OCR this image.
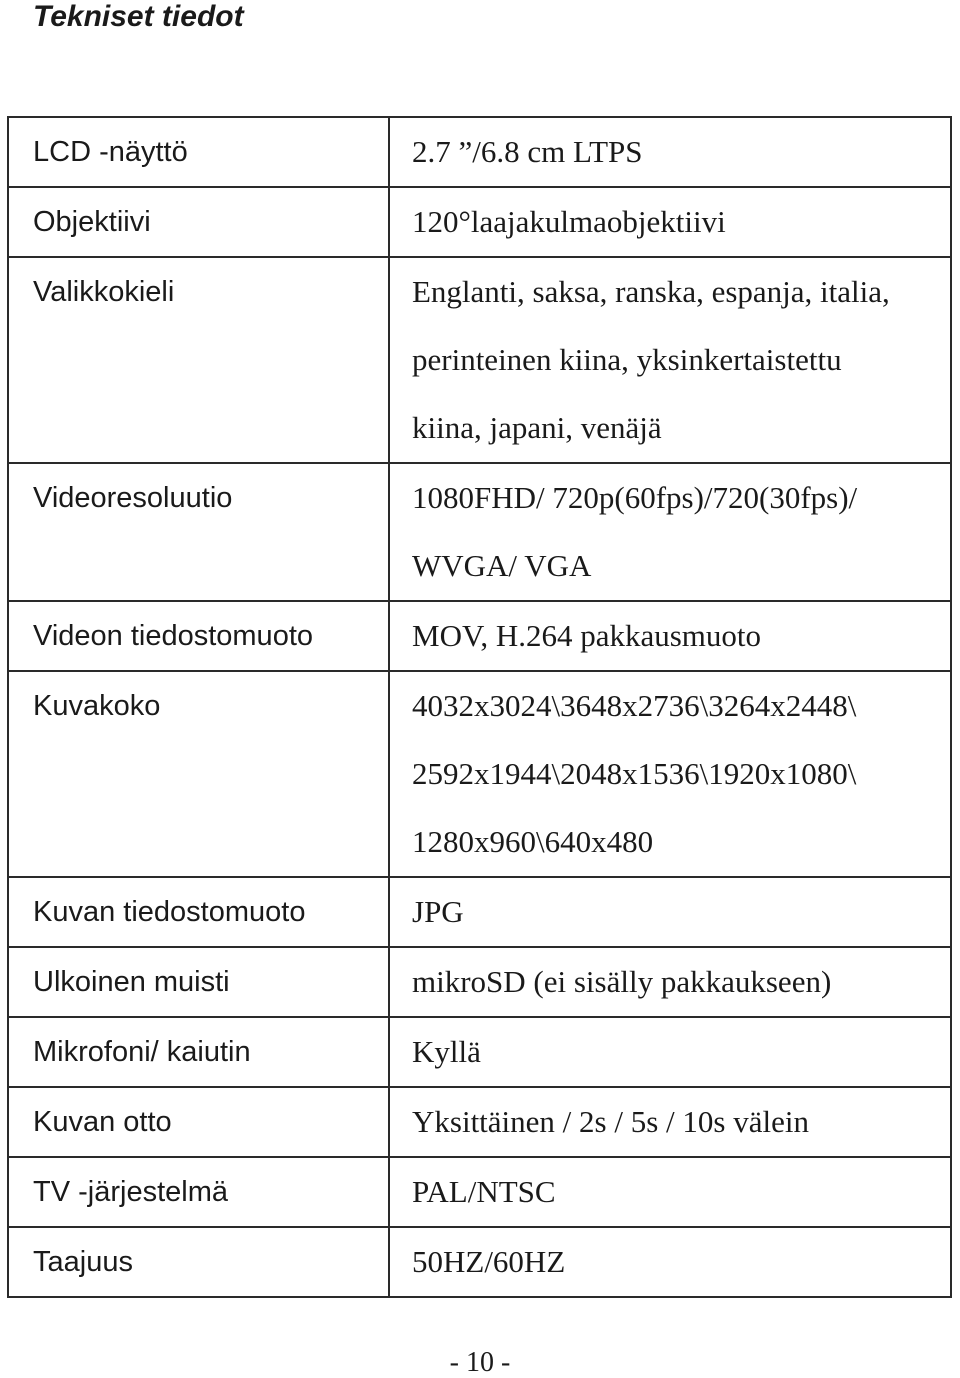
Tekniset tiedot
LCD -näyttö	2.7 ”/6.8 cm LTPS

Objektiivi	120°laajakulmaobjektiivi

Valikkokieli	Englanti, saksa, ranska, espanja, italia,
perinteinen kiina, yksinkertaistettu
kiina, japani, venäjä

Videoresoluutio	1080FHD/ 720p(60fps)/720(30fps)/
WVGA/ VGA

Videon tiedostomuoto	MOV, H.264 pakkausmuoto

Kuvakoko	4032x3024\3648x2736\3264x2448\
2592x1944\2048x1536\1920x1080\
1280x960\640x480

Kuvan tiedostomuoto	JPG

Ulkoinen muisti	mikroSD (ei sisälly pakkaukseen)

Mikrofoni/ kaiutin	Kyllä

Kuvan otto	Yksittäinen / 2s / 5s / 10s välein

TV -järjestelmä	PAL/NTSC

Taajuus	50HZ/60HZ
- 10 -
